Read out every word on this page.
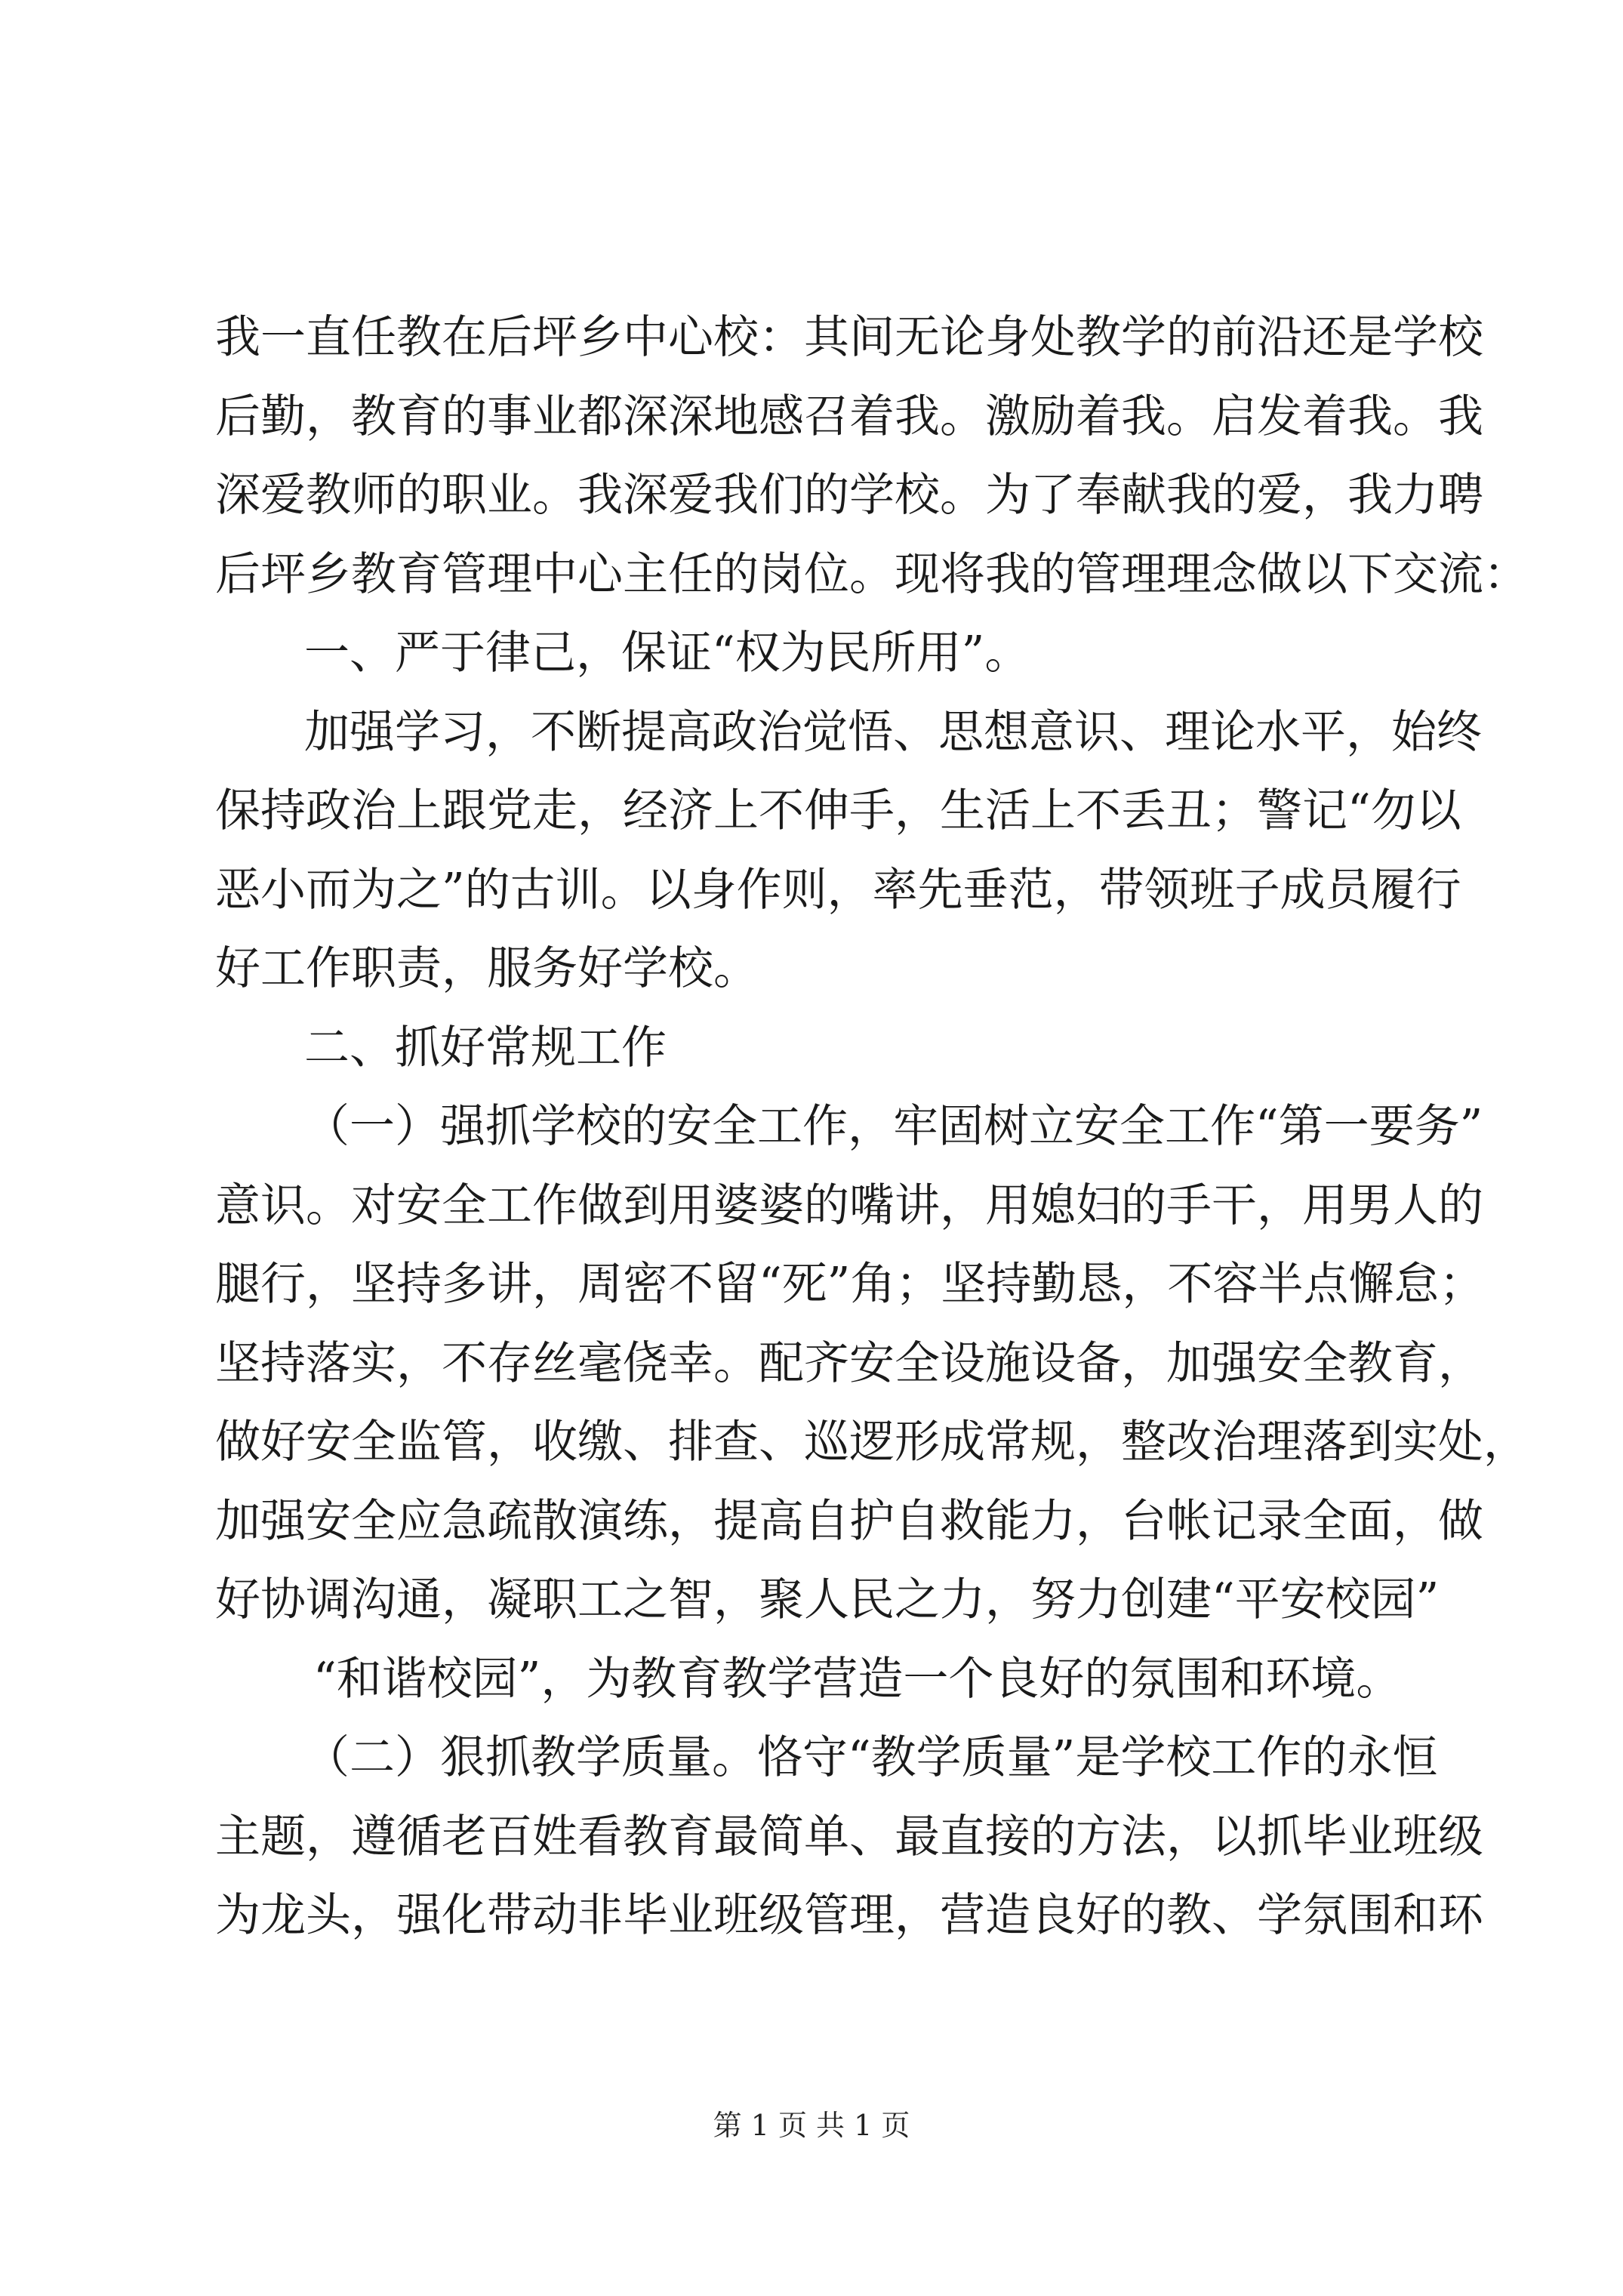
我一直任教在后坪乡中心校：其间无论身处教学的前沿还是学校
后勤，教育的事业都深深地感召着我。激励着我。启发着我。我
深爱教师的职业。我深爱我们的学校。为了奉献我的爱，我力聘
后坪乡教育管理中心主任的岗位。现将我的管理理念做以下交流：
一、严于律己，保证“权为民所用”。
加强学习，不断提高政治觉悟、思想意识、理论水平，始终
保持政治上跟党走，经济上不伸手，生活上不丢丑；警记“勿以
恶小而为之”的古训。以身作则，率先垂范，带领班子成员履行
好工作职责，服务好学校。
二、抓好常规工作
（一）强抓学校的安全工作，牢固树立安全工作“第一要务”
意识。对安全工作做到用婆婆的嘴讲，用媳妇的手干，用男人的
腿行，坚持多讲，周密不留“死”角；坚持勤恳，不容半点懈怠；
坚持落实，不存丝毫侥幸。配齐安全设施设备，加强安全教育，
做好安全监管，收缴、排查、巡逻形成常规，整改治理落到实处，
加强安全应急疏散演练，提高自护自救能力，台帐记录全面，做
好协调沟通，凝职工之智，聚人民之力，努力创建“平安校园”
“和谐校园”，为教育教学营造一个良好的氛围和环境。
（二）狠抓教学质量。恪守“教学质量”是学校工作的永恒
主题，遵循老百姓看教育最简单、最直接的方法，以抓毕业班级
为龙头，强化带动非毕业班级管理，营造良好的教、学氛围和环
第 1 页 共 1 页
